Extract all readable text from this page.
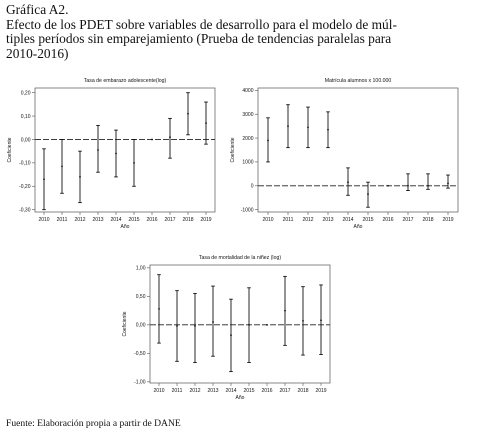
Gráfica A2.
Efecto de los PDET sobre variables de desarrollo para el modelo de múl-
tiples períodos sin emparejamiento (Prueba de tendencias paralelas para
2010-2016)
Tasa de embarazo adolescente(log)
0,20
0,10
0,00
-0,10
-0,20
-0,30
2010 2011 2012 2013 2014 2015 2016 2017 2018 2019
Año
Coeficiente
Matrícula alumnos x 100.000
4000
3000
2000
1000
0
-1000
2010 2011 2012 2013 2014 2015 2016 2017 2018 2019
Año
Coeficiente
Tasa de mortalidad de la niñez (log)
1,00
0,50
0,00
-0,50
-1,00
2010 2011 2012 2013 2014 2015 2016 2017 2018 2019
Año
Coeficiente
Fuente: Elaboración propia a partir de DANE
